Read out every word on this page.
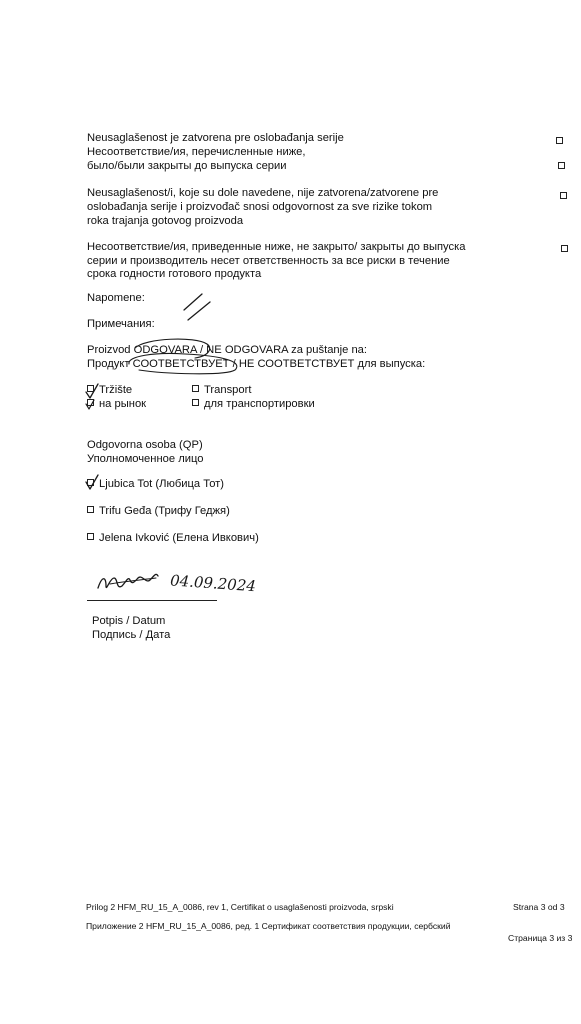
Neusaglašenost je zatvorena pre oslobađanja serije
Несоответствие/ия, перечисленные ниже,
было/были закрыты до выпуска серии
Neusaglašenost/i, koje su dole navedene, nije zatvorena/zatvorene pre
oslobađanja serije i proizvođač snosi odgovornost za sve rizike tokom
roka trajanja gotovog proizvoda
Несоответствие/ия, приведенные ниже, не закрыто/ закрыты до выпуска
серии и производитель несет ответственность за все риски в течение
срока годности готового продукта
Napomene:
Примечания:
Proizvod ODGOVARA / NE ODGOVARA za puštanje na:
Продукт СООТВЕТСТВУЕТ / НЕ СООТВЕТСТВУЕТ для выпуска:
Tržište
на рынок
Transport
для транспортировки
Odgovorna osoba (QP)
Уполномоченное лицо
Ljubica Tot (Любица Тот)
Trifu Geđa (Трифу Геджя)
Jelena Ivković (Елена Ивкович)
04.09.2024
Potpis / Datum
Подпись / Дата
Prilog 2 HFM_RU_15_A_0086, rev 1, Certifikat o usaglašenosti proizvoda, srpski	Strana 3 od 3
Приложение 2 HFM_RU_15_A_0086, ред. 1 Сертификат соответствия продукции, сербский
Страница 3 из 3
